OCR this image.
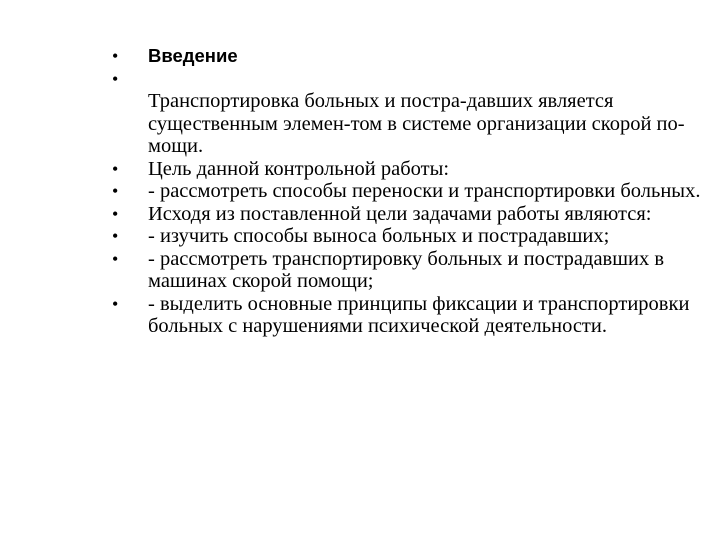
•	Введение
•
Транспортировка больных и постра-давших является существенным элемен-том в системе организации скорой по-мощи.
•	Цель данной контрольной работы:
•	- рассмотреть способы переноски и транспортировки больных.
•	Исходя из поставленной цели задачами работы являются:
•	- изучить способы выноса больных и пострадавших;
•	- рассмотреть транспортировку больных и пострадавших в машинах скорой помощи;
•	- выделить основные принципы фиксации и транспортировки больных с нарушениями психической деятельности.
